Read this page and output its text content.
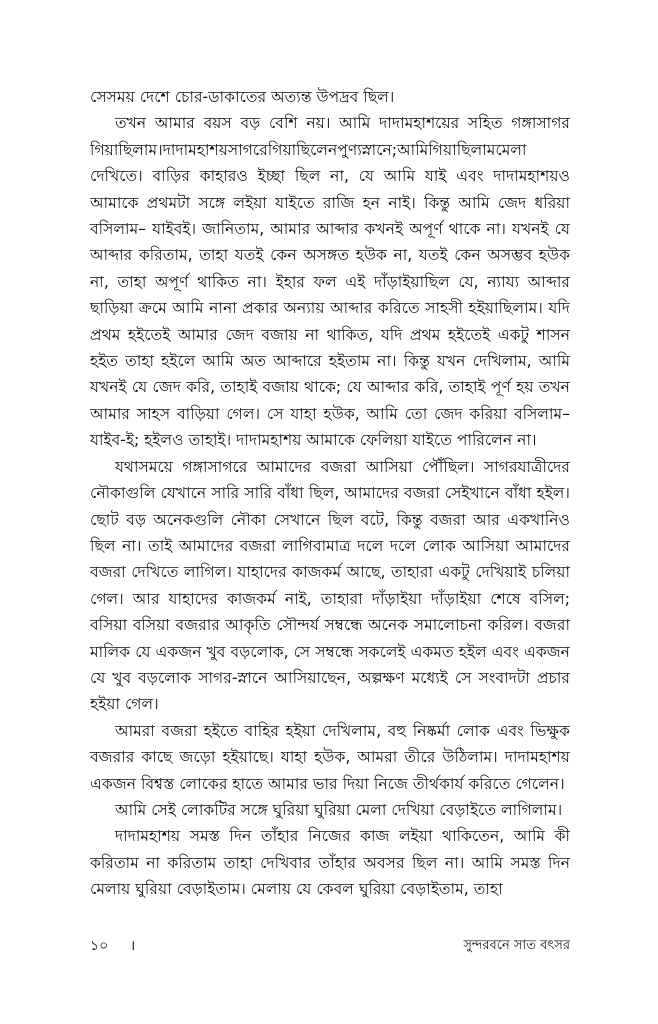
সেসময় দেশে চোর-ডাকাতের অত্যন্ত উপদ্রব ছিল।

তখন আমার বয়স বড় বেশি নয়। আমি দাদামহাশয়ের সহিত গঙ্গাসাগর গিয়াছিলাম।দাদামহাশয়সাগরেগিয়াছিলেনপুণ্যস্নানে;আমিগিয়াছিলামমেলা দেখিতে। বাড়ির কাহারও ইচ্ছা ছিল না, যে আমি যাই এবং দাদামহাশয়ও আমাকে প্রথমটা সঙ্গে লইয়া যাইতে রাজি হন নাই। কিন্তু আমি জেদ ধরিয়া বসিলাম– যাইবই। জানিতাম, আমার আব্দার কখনই অপূর্ণ থাকে না। যখনই যে আব্দার করিতাম, তাহা যতই কেন অসঙ্গত হউক না, যতই কেন অসম্ভব হউক না, তাহা অপূর্ণ থাকিত না। ইহার ফল এই দাঁড়াইয়াছিল যে, ন্যায্য আব্দার ছাড়িয়া ক্রমে আমি নানা প্রকার অন্যায় আব্দার করিতে সাহসী হইয়াছিলাম। যদি প্রথম হইতেই আমার জেদ বজায় না থাকিত, যদি প্রথম হইতেই একটু শাসন হইত তাহা হইলে আমি অত আব্দারে হইতাম না। কিন্তু যখন দেখিলাম, আমি যখনই যে জেদ করি, তাহাই বজায় থাকে; যে আব্দার করি, তাহাই পূর্ণ হয় তখন আমার সাহস বাড়িয়া গেল। সে যাহা হউক, আমি তো জেদ করিয়া বসিলাম– যাইব-ই; হইলও তাহাই। দাদামহাশয় আমাকে ফেলিয়া যাইতে পারিলেন না।

যথাসময়ে গঙ্গাসাগরে আমাদের বজরা আসিয়া পৌঁছিল। সাগরযাত্রীদের নৌকাগুলি যেখানে সারি সারি বাঁধা ছিল, আমাদের বজরা সেইখানে বাঁধা হইল। ছোট বড় অনেকগুলি নৌকা সেখানে ছিল বটে, কিন্তু বজরা আর একখানিও ছিল না। তাই আমাদের বজরা লাগিবামাত্র দলে দলে লোক আসিয়া আমাদের বজরা দেখিতে লাগিল। যাহাদের কাজকর্ম আছে, তাহারা একটু দেখিয়াই চলিয়া গেল। আর যাহাদের কাজকর্ম নাই, তাহারা দাঁড়াইয়া দাঁড়াইয়া শেষে বসিল; বসিয়া বসিয়া বজরার আকৃতি সৌন্দর্য সম্বন্ধে অনেক সমালোচনা করিল। বজরা মালিক যে একজন খুব বড়লোক, সে সম্বন্ধে সকলেই একমত হইল এবং একজন যে খুব বড়লোক সাগর-স্নানে আসিয়াছেন, অল্পক্ষণ মধ্যেই সে সংবাদটা প্রচার হইয়া গেল।

আমরা বজরা হইতে বাহির হইয়া দেখিলাম, বহু নিষ্কর্মা লোক এবং ভিক্ষুক বজরার কাছে জড়ো হইয়াছে। যাহা হউক, আমরা তীরে উঠিলাম। দাদামহাশয় একজন বিশ্বস্ত লোকের হাতে আমার ভার দিয়া নিজে তীর্থকার্য করিতে গেলেন।

আমি সেই লোকটির সঙ্গে ঘুরিয়া ঘুরিয়া মেলা দেখিয়া বেড়াইতে লাগিলাম।

দাদামহাশয় সমস্ত দিন তাঁহার নিজের কাজ লইয়া থাকিতেন, আমি কী করিতাম না করিতাম তাহা দেখিবার তাঁহার অবসর ছিল না। আমি সমস্ত দিন মেলায় ঘুরিয়া বেড়াইতাম। মেলায় যে কেবল ঘুরিয়া বেড়াইতাম, তাহা

১০ ।	সুন্দরবনে সাত বৎসর
